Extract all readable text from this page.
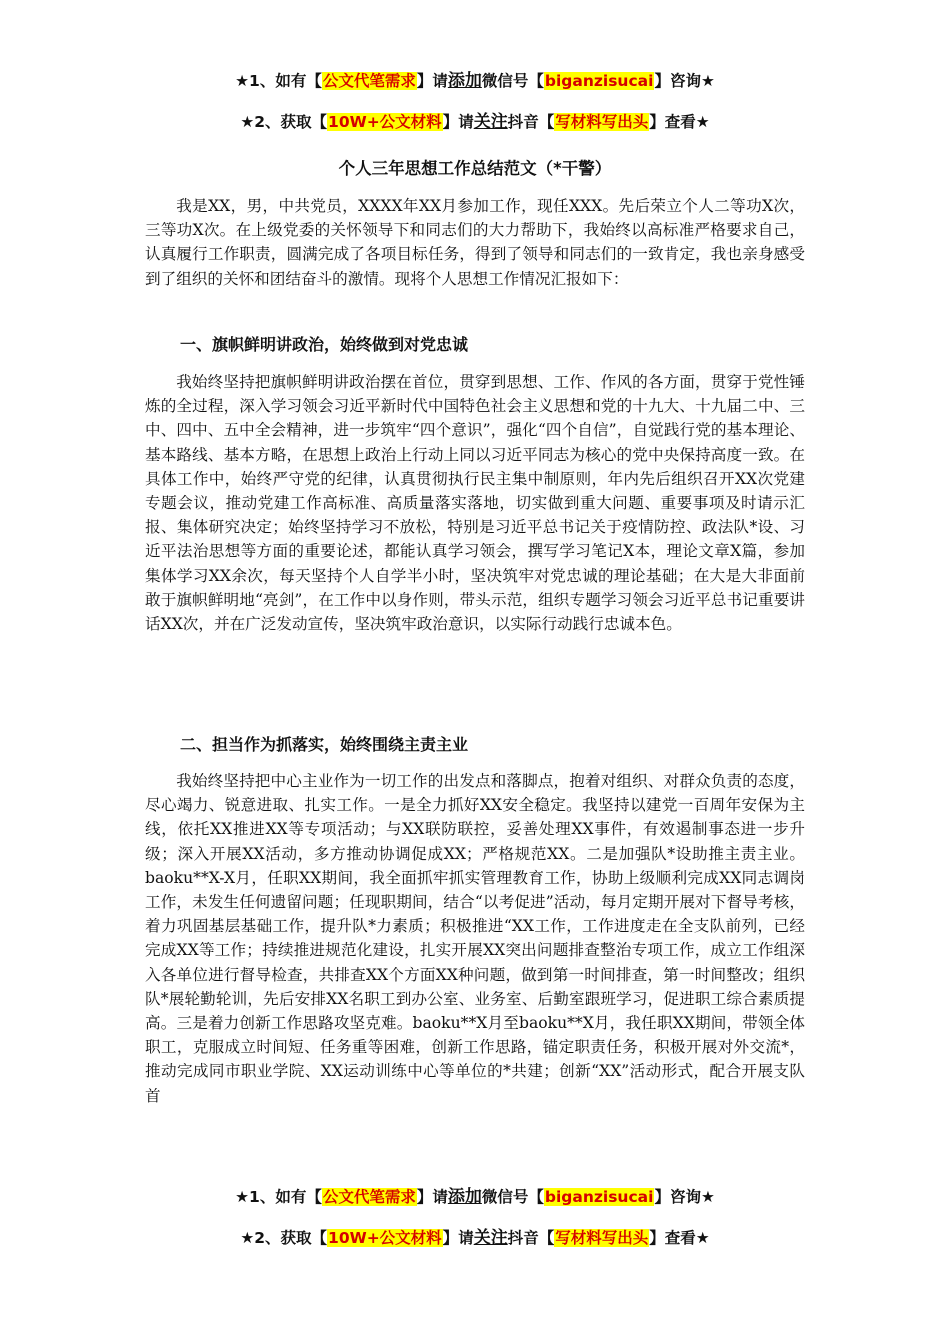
★1、如有【公文代笔需求】请添加微信号【biganzisucai】咨询★
★2、获取【10W+公文材料】请关注抖音【写材料写出头】查看★
个人三年思想工作总结范文（*干警）

我是XX，男，中共党员，XXXX年XX月参加工作，现任XXX。先后荣立个人二等功X次，三等功X次。在上级党委的关怀领导下和同志们的大力帮助下，我始终以高标准严格要求自己，认真履行工作职责，圆满完成了各项目标任务，得到了领导和同志们的一致肯定，我也亲身感受到了组织的关怀和团结奋斗的激情。现将个人思想工作情况汇报如下：

一、旗帜鲜明讲政治，始终做到对党忠诚

我始终坚持把旗帜鲜明讲政治摆在首位，贯穿到思想、工作、作风的各方面，贯穿于党性锤炼的全过程，深入学习领会习近平新时代中国特色社会主义思想和党的十九大、十九届二中、三中、四中、五中全会精神，进一步筑牢“四个意识”，强化“四个自信”，自觉践行党的基本理论、基本路线、基本方略，在思想上政治上行动上同以习近平同志为核心的党中央保持高度一致。在具体工作中，始终严守党的纪律，认真贯彻执行民主集中制原则，年内先后组织召开XX次党建专题会议，推动党建工作高标准、高质量落实落地，切实做到重大问题、重要事项及时请示汇报、集体研究决定；始终坚持学习不放松，特别是习近平总书记关于疫情防控、政法队*设、习近平法治思想等方面的重要论述，都能认真学习领会，撰写学习笔记X本，理论文章X篇，参加集体学习XX余次，每天坚持个人自学半小时，坚决筑牢对党忠诚的理论基础；在大是大非面前敢于旗帜鲜明地“亮剑”，在工作中以身作则，带头示范，组织专题学习领会习近平总书记重要讲话XX次，并在广泛发动宣传，坚决筑牢政治意识，以实际行动践行忠诚本色。

二、担当作为抓落实，始终围绕主责主业

我始终坚持把中心主业作为一切工作的出发点和落脚点，抱着对组织、对群众负责的态度，尽心竭力、锐意进取、扎实工作。一是全力抓好XX安全稳定。我坚持以建党一百周年安保为主线，依托XX推进XX等专项活动；与XX联防联控，妥善处理XX事件，有效遏制事态进一步升级；深入开展XX活动，多方推动协调促成XX；严格规范XX。二是加强队*设助推主责主业。baoku**X-X月，任职XX期间，我全面抓牢抓实管理教育工作，协助上级顺利完成XX同志调岗工作，未发生任何遗留问题；任现职期间，结合“以考促进”活动，每月定期开展对下督导考核，着力巩固基层基础工作，提升队*力素质；积极推进“XX工作，工作进度走在全支队前列，已经完成XX等工作；持续推进规范化建设，扎实开展XX突出问题排查整治专项工作，成立工作组深入各单位进行督导检查，共排查XX个方面XX种问题，做到第一时间排查，第一时间整改；组织队*展轮勤轮训，先后安排XX名职工到办公室、业务室、后勤室跟班学习，促进职工综合素质提高。三是着力创新工作思路攻坚克难。baoku**X月至baoku**X月，我任职XX期间，带领全体职工，克服成立时间短、任务重等困难，创新工作思路，锚定职责任务，积极开展对外交流*，推动完成同市职业学院、XX运动训练中心等单位的*共建；创新“XX”活动形式，配合开展支队首

★1、如有【公文代笔需求】请添加微信号【biganzisucai】咨询★
★2、获取【10W+公文材料】请关注抖音【写材料写出头】查看★
